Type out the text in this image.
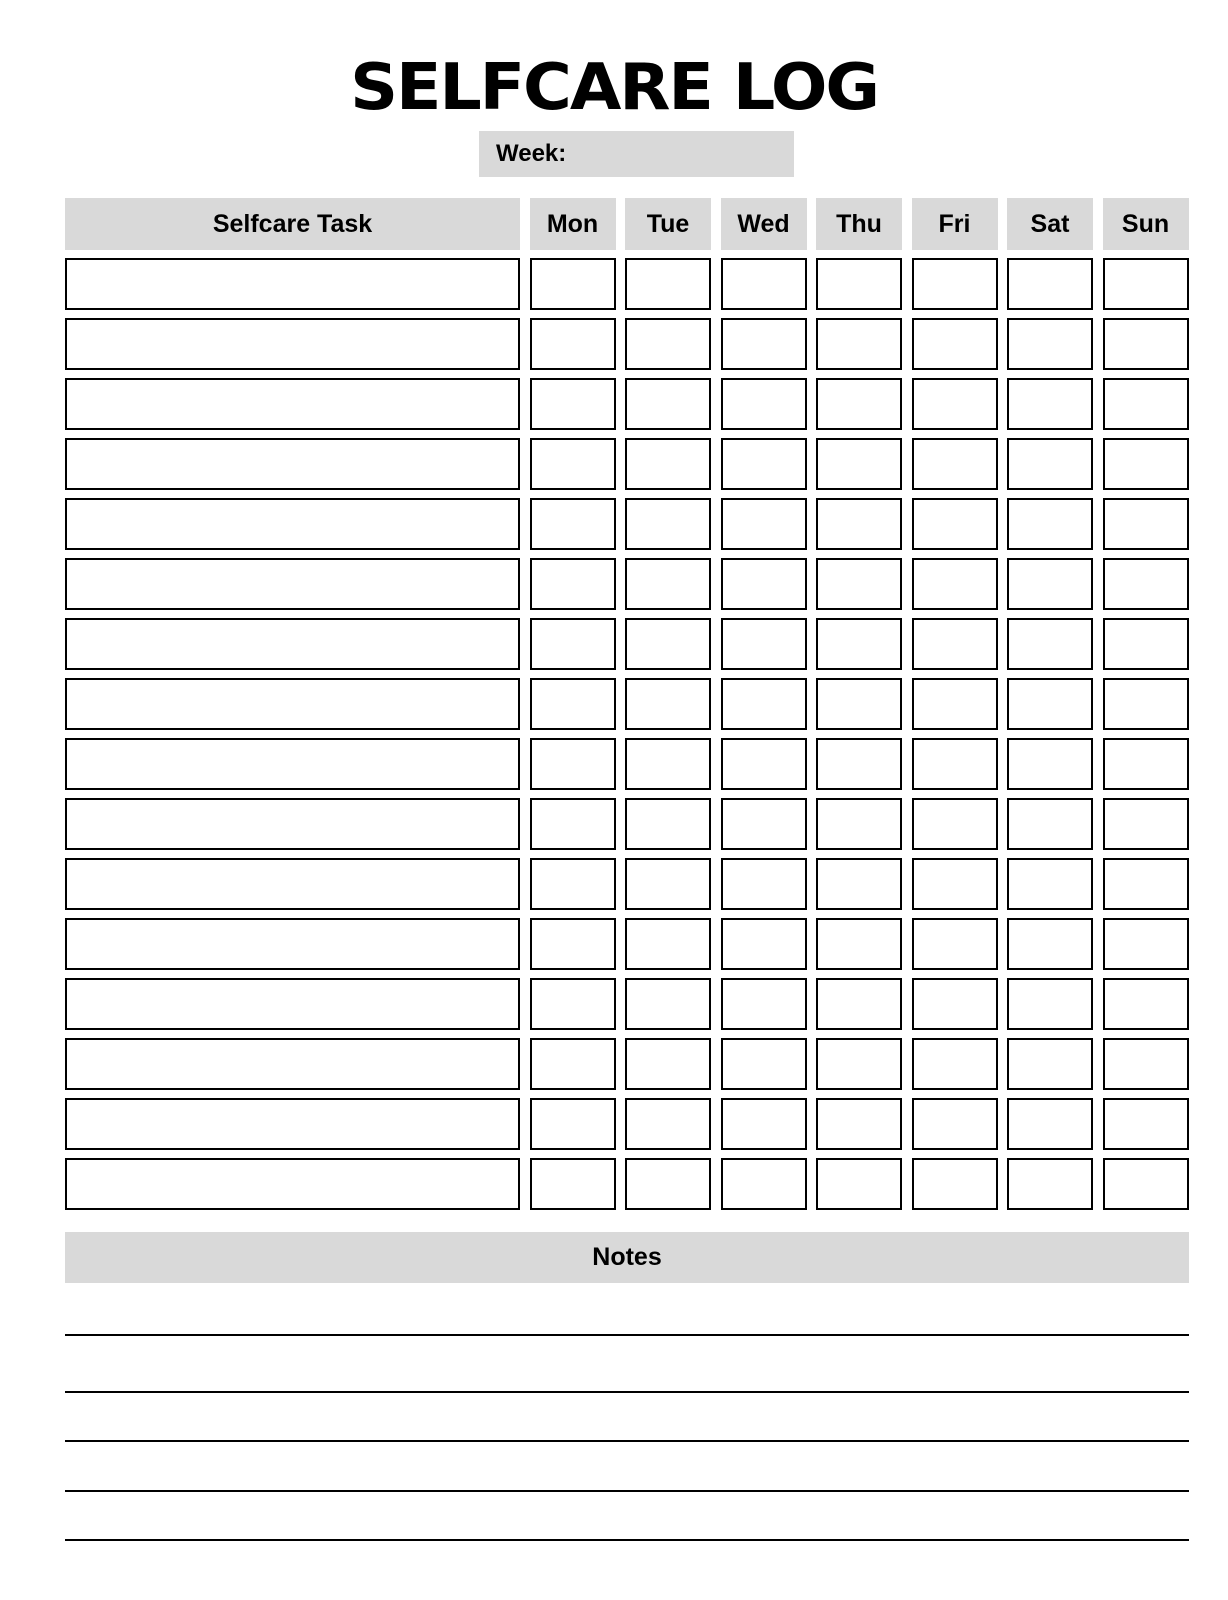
SELFCARE LOG
Week:
Selfcare Task	Mon	Tue	Wed	Thu	Fri	Sat	Sun
Notes
